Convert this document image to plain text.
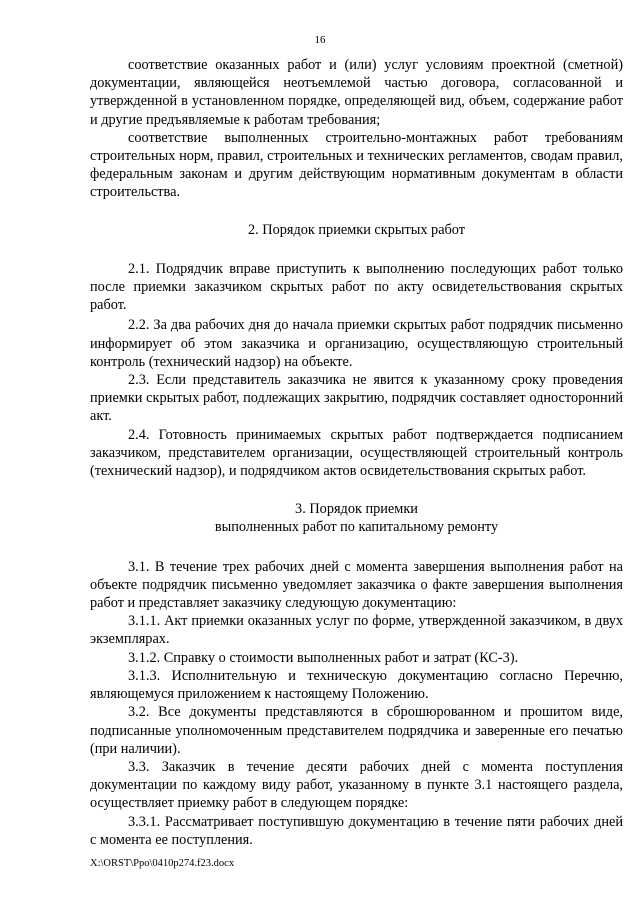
16

соответствие оказанных работ и (или) услуг условиям проектной (сметной) документации, являющейся неотъемлемой частью договора, согласованной и утвержденной в установленном порядке, определяющей вид, объем, содержание работ и другие предъявляемые к работам требования;

соответствие выполненных строительно-монтажных работ требованиям строительных норм, правил, строительных и технических регламентов, сводам правил, федеральным законам и другим действующим нормативным документам в области строительства.

2. Порядок приемки скрытых работ

2.1. Подрядчик вправе приступить к выполнению последующих работ только после приемки заказчиком скрытых работ по акту освидетельствования скрытых работ.

2.2. За два рабочих дня до начала приемки скрытых работ подрядчик письменно информирует об этом заказчика и организацию, осуществляющую строительный контроль (технический надзор) на объекте.

2.3. Если представитель заказчика не явится к указанному сроку проведения приемки скрытых работ, подлежащих закрытию, подрядчик составляет односторонний акт.

2.4. Готовность принимаемых скрытых работ подтверждается подписанием заказчиком, представителем организации, осуществляющей строительный контроль (технический надзор), и подрядчиком актов освидетельствования скрытых работ.

3. Порядок приемки
выполненных работ по капитальному ремонту

3.1. В течение трех рабочих дней с момента завершения выполнения работ на объекте подрядчик письменно уведомляет заказчика о факте завершения выполнения работ и представляет заказчику следующую документацию:

3.1.1. Акт приемки оказанных услуг по форме, утвержденной заказчиком, в двух экземплярах.

3.1.2. Справку о стоимости выполненных работ и затрат (КС-3).

3.1.3. Исполнительную и техническую документацию согласно Перечню, являющемуся приложением к настоящему Положению.

3.2. Все документы представляются в сброшюрованном и прошитом виде, подписанные уполномоченным представителем подрядчика и заверенные его печатью (при наличии).

3.3. Заказчик в течение десяти рабочих дней с момента поступления документации по каждому виду работ, указанному в пункте 3.1 настоящего раздела, осуществляет приемку работ в следующем порядке:

3.3.1. Рассматривает поступившую документацию в течение пяти рабочих дней с момента ее поступления.

X:\ORST\Ppo\0410p274.f23.docx
